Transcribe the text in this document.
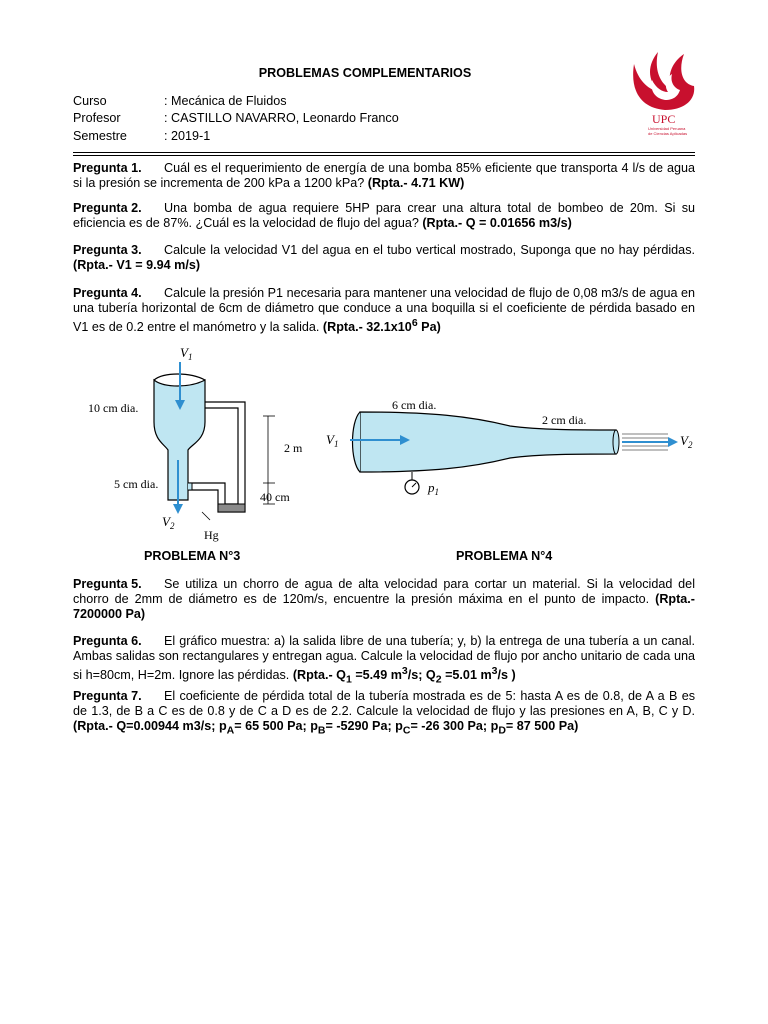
PROBLEMAS COMPLEMENTARIOS
UPC
Universidad Peruana de Ciencias Aplicadas
Curso	: Mecánica de Fluidos
Profesor	: CASTILLO NAVARRO, Leonardo Franco
Semestre	: 2019-1
Pregunta 1. Cuál es el requerimiento de energía de una bomba 85% eficiente que transporta 4 l/s de agua si la presión se incrementa de 200 kPa a 1200 kPa? (Rpta.- 4.71 KW)
Pregunta 2. Una bomba de agua requiere 5HP para crear una altura total de bombeo de 20m. Si su eficiencia es de 87%. ¿Cuál es la velocidad de flujo del agua? (Rpta.- Q = 0.01656 m3/s)
Pregunta 3. Calcule la velocidad V1 del agua en el tubo vertical mostrado, Suponga que no hay pérdidas. (Rpta.- V1 = 9.94 m/s)
Pregunta 4. Calcule la presión P1 necesaria para mantener una velocidad de flujo de 0,08 m3/s de agua en una tubería horizontal de 6cm de diámetro que conduce a una boquilla si el coeficiente de pérdida basado en V1 es de 0.2 entre el manómetro y la salida. (Rpta.- $32.1x10^6$ Pa)
$V_1$
$V_2$
10 cm dia.
5 cm dia.
2 m
40 cm
Hg
6 cm dia.
2 cm dia.
$V_1$	$V_2$
$p_1$
PROBLEMA N°3	PROBLEMA N°4
Pregunta 5. Se utiliza un chorro de agua de alta velocidad para cortar un material. Si la velocidad del chorro de 2mm de diámetro es de 120m/s, encuentre la presión máxima en el punto de impacto. (Rpta.- 7200000 Pa)
Pregunta 6. El gráfico muestra: a) la salida libre de una tubería; y, b) la entrega de una tubería a un canal. Ambas salidas son rectangulares y entregan agua. Calcule la velocidad de flujo por ancho unitario de cada una si h=80cm, H=2m. Ignore las pérdidas. (Rpta.- $Q_1 =5.49$ $m^3/s$; $Q_2 =5.01$ $m^3/s$ )
Pregunta 7. El coeficiente de pérdida total de la tubería mostrada es de 5: hasta A es de 0.8, de A a B es de 1.3, de B a C es de 0.8 y de C a D es de 2.2. Calcule la velocidad de flujo y las presiones en A, B, C y D. (Rpta.- Q=0.00944 m3/s; $p_A= 65$ 500 Pa; $p_B= -5290$ Pa; $p_C= -26$ 300 Pa; $p_D= 87$ 500 Pa)
